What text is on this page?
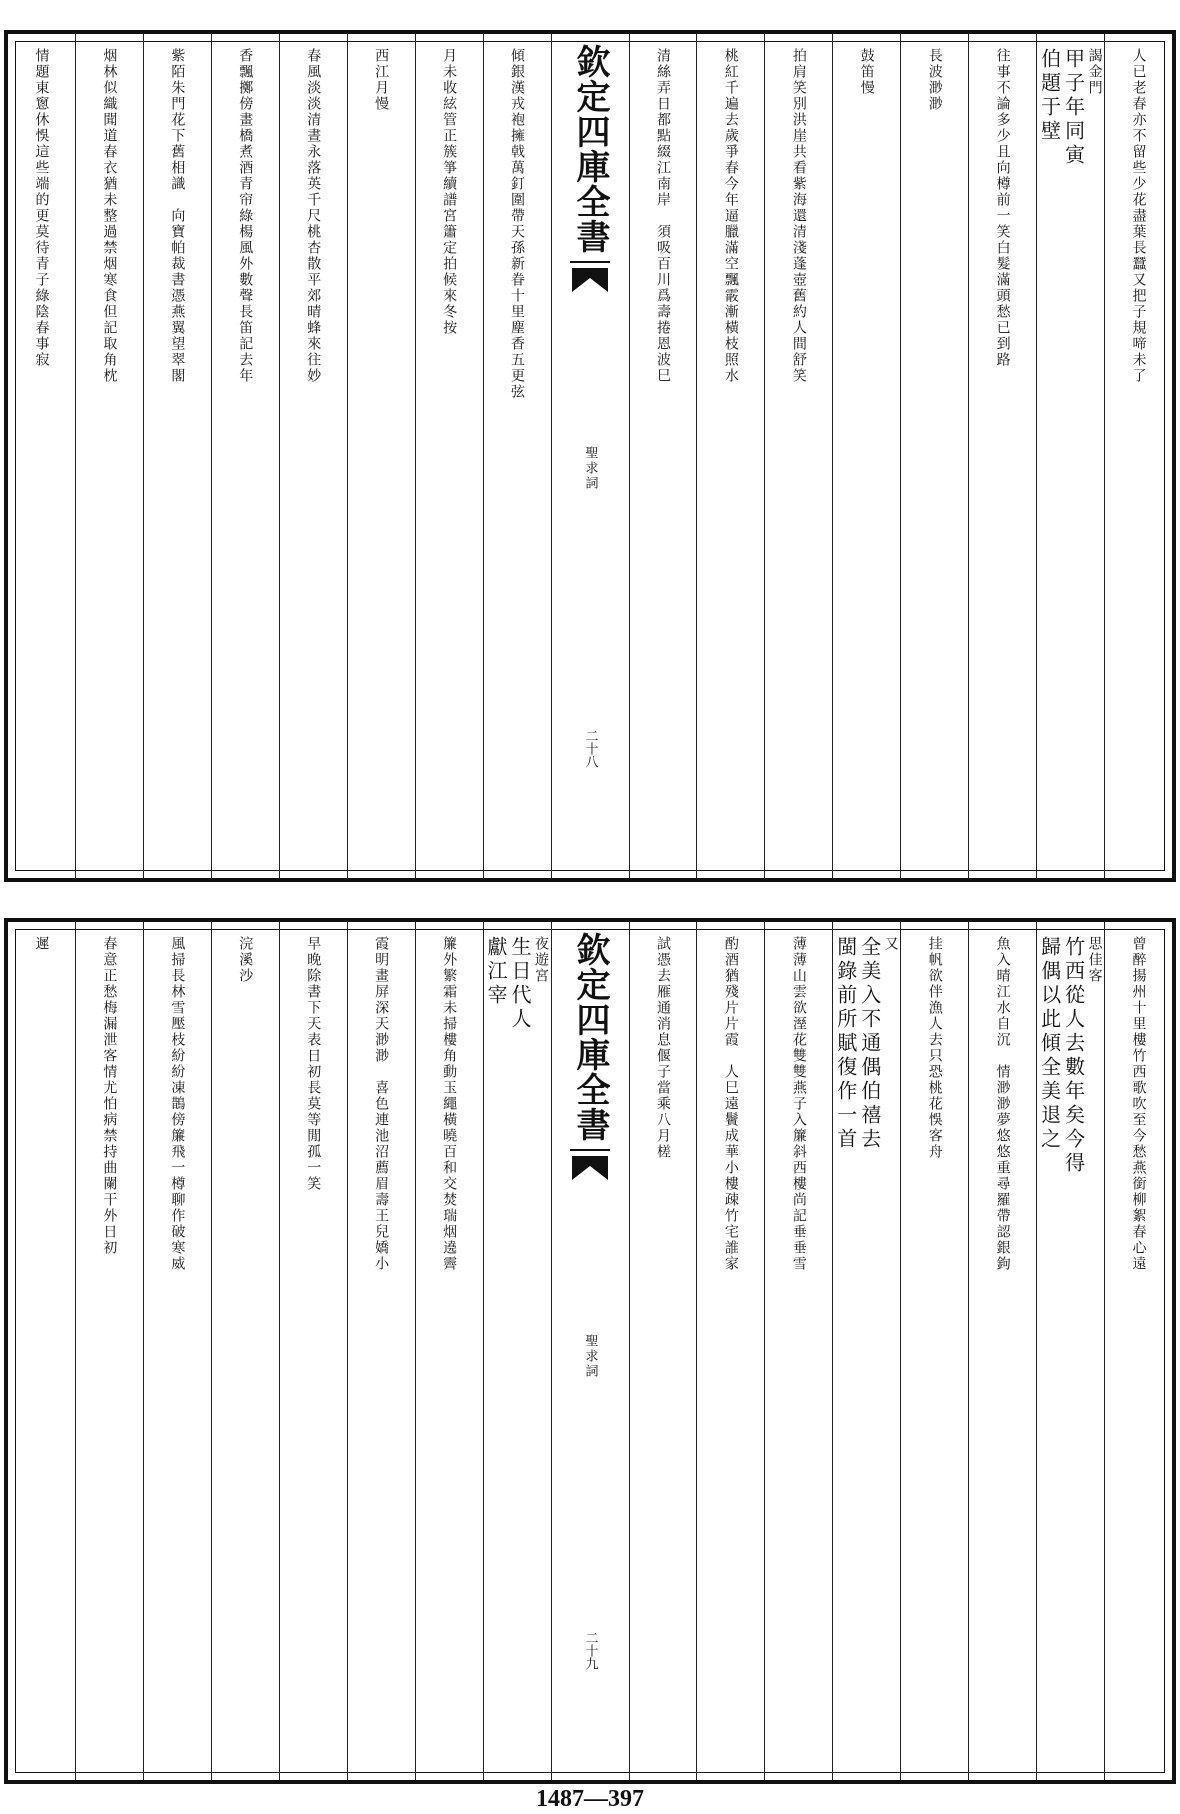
人已老春亦不留些少花盡葉長蠶又把子規啼未了
謁金門
甲子年同寅
伯題于壁
往事不論多少且向樽前一笑白髮滿頭愁已到路
長波渺渺
鼓笛慢
拍肩笑別洪崖共看紫海還清淺蓬壺舊約人間舒笑
桃紅千遍去歲爭春今年逼臘滿空飄霰漸橫枝照水
清絲弄日都點綴江南岸　須吸百川爲壽捲恩波巳
欽定四庫全書
聖求詞
二十八
傾銀漢戎袍擁戟萬釘圍帶天孫新眷十里塵香五更弦
月未收絃管正簇箏續譜宮簫定拍候來冬按
西江月慢
春風淡淡清晝永落英千尺桃杏散平郊晴蜂來往妙
香飄擲傍畫橋煮酒青帘綠楊風外數聲長笛記去年
紫陌朱門花下舊相識　向寶帕裁書憑燕翼望翠閣
烟林似織聞道春衣猶未整過禁烟寒食但記取角枕
情題東窻休悞這些端的更莫待青子綠陰春事寂
曾醉揚州十里樓竹西歌吹至今愁燕銜柳絮春心遠
思佳客
竹西從人去數年矣今得
歸偶以此傾全美退之
魚入晴江水自沉　情渺渺夢悠悠重尋羅帶認銀鉤
挂帆欲伴漁人去只恐桃花悞客舟
又
全美入不通偶伯禧去
閩錄前所賦復作一首
薄薄山雲欲溼花雙雙燕子入簾斜西樓尚記垂垂雪
酌酒猶殘片片霞　人巳遠鬢成華小樓疎竹宅誰家
試憑去雁通消息偃子當乘八月槎
欽定四庫全書
聖求詞
二十九
夜遊宮
生日代人
獻江宰
簾外繁霜未掃樓角動玉繩橫曉百和交焚瑞烟遶霽
霞明畫屏深天渺渺　喜色連池沼薦眉壽王兒嬌小
早晚除書下天表日初長莫等閒孤一笑
浣溪沙
風掃長林雪壓枝紛紛凍鵲傍簾飛一樽聊作破寒威
春意正愁梅漏泄客情尤怕病禁持曲闌干外日初
遲
1487—397
